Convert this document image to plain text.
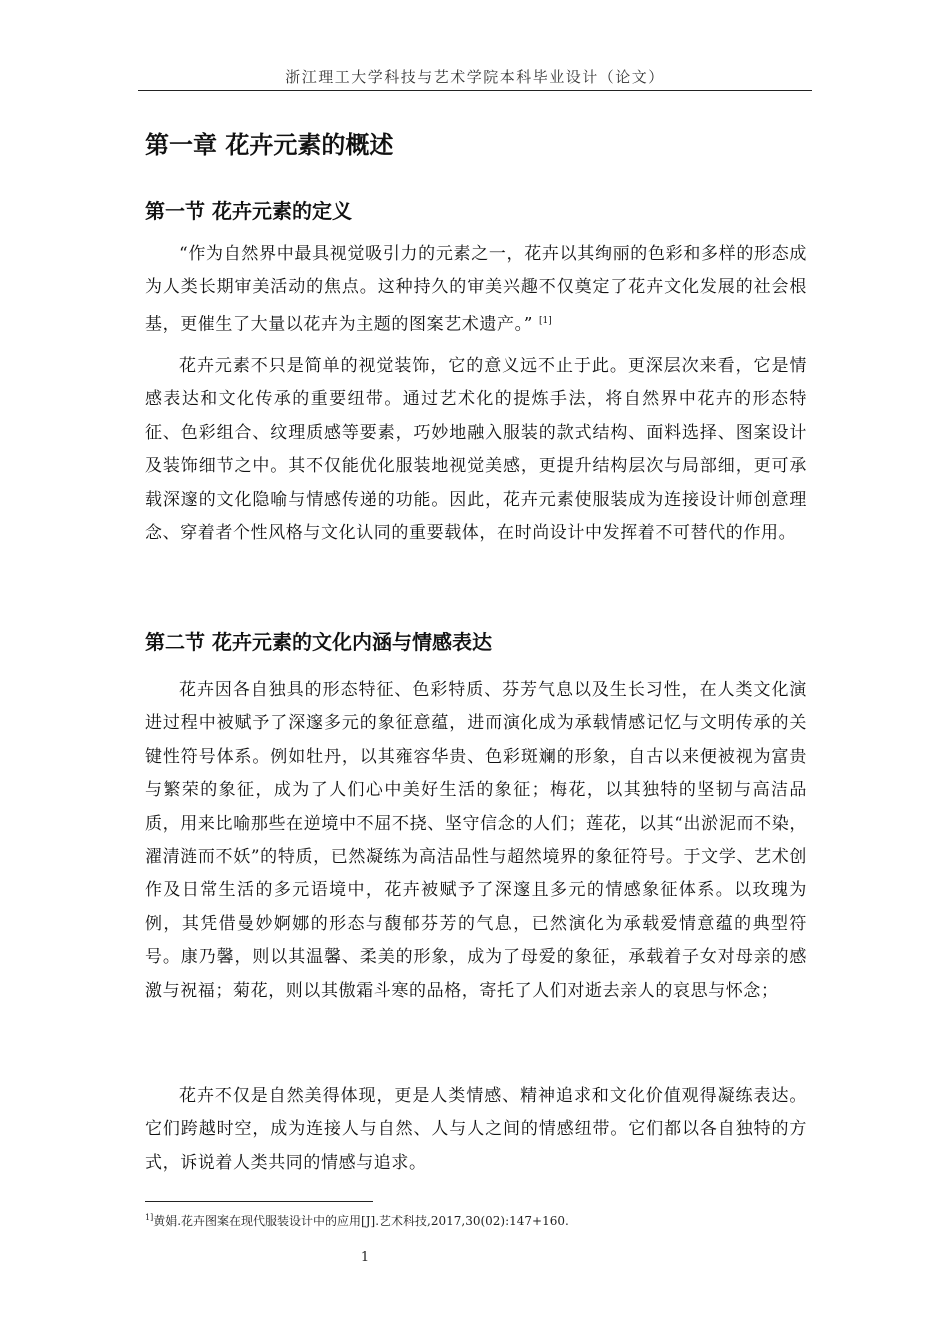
浙江理工大学科技与艺术学院本科毕业设计（论文）
第一章 花卉元素的概述
第一节 花卉元素的定义

“作为自然界中最具视觉吸引力的元素之一，花卉以其绚丽的色彩和多样的形态成为人类长期审美活动的焦点。这种持久的审美兴趣不仅奠定了花卉文化发展的社会根基，更催生了大量以花卉为主题的图案艺术遗产。” [1]

花卉元素不只是简单的视觉装饰，它的意义远不止于此。更深层次来看，它是情感表达和文化传承的重要纽带。通过艺术化的提炼手法，将自然界中花卉的形态特征、色彩组合、纹理质感等要素，巧妙地融入服装的款式结构、面料选择、图案设计及装饰细节之中。其不仅能优化服装地视觉美感，更提升结构层次与局部细，更可承载深邃的文化隐喻与情感传递的功能。因此，花卉元素使服装成为连接设计师创意理念、穿着者个性风格与文化认同的重要载体，在时尚设计中发挥着不可替代的作用。

第二节 花卉元素的文化内涵与情感表达

花卉因各自独具的形态特征、色彩特质、芬芳气息以及生长习性，在人类文化演进过程中被赋予了深邃多元的象征意蕴，进而演化成为承载情感记忆与文明传承的关键性符号体系。例如牡丹，以其雍容华贵、色彩斑斓的形象，自古以来便被视为富贵与繁荣的象征，成为了人们心中美好生活的象征；梅花，以其独特的坚韧与高洁品质，用来比喻那些在逆境中不屈不挠、坚守信念的人们；莲花，以其“出淤泥而不染，濯清涟而不妖”的特质，已然凝练为高洁品性与超然境界的象征符号。于文学、艺术创作及日常生活的多元语境中，花卉被赋予了深邃且多元的情感象征体系。以玫瑰为例，其凭借曼妙婀娜的形态与馥郁芬芳的气息，已然演化为承载爱情意蕴的典型符号。康乃馨，则以其温馨、柔美的形象，成为了母爱的象征，承载着子女对母亲的感激与祝福；菊花，则以其傲霜斗寒的品格，寄托了人们对逝去亲人的哀思与怀念；

花卉不仅是自然美得体现，更是人类情感、精神追求和文化价值观得凝练表达。它们跨越时空，成为连接人与自然、人与人之间的情感纽带。它们都以各自独特的方式，诉说着人类共同的情感与追求。

$^{1]}$黄娟.花卉图案在现代服装设计中的应用[J].艺术科技,2017,30(02):147+160.
1
